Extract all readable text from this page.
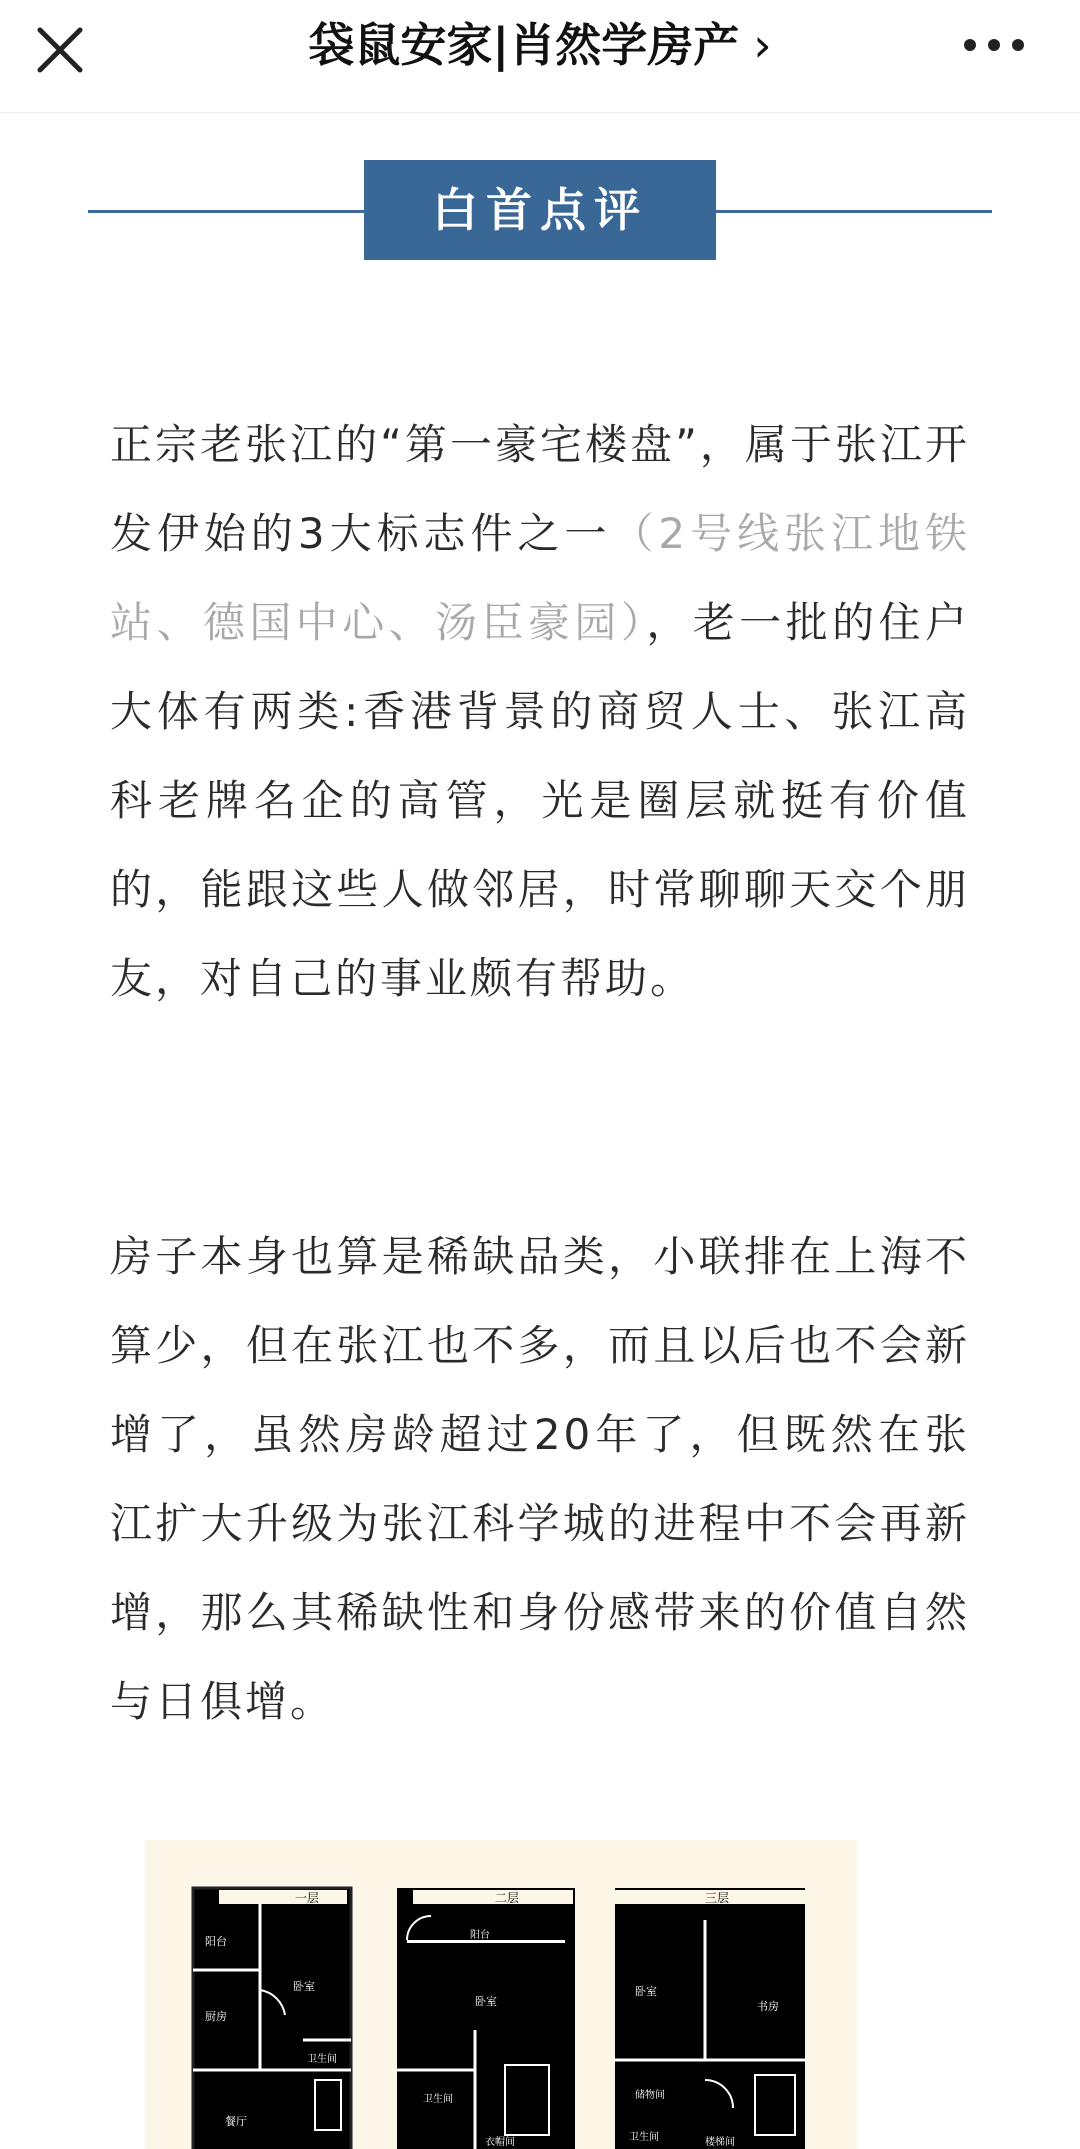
袋鼠安家|肖然学房产 ›
白首点评
正宗老张江的“第一豪宅楼盘”，属于张江开发伊始的3大标志件之一（2号线张江地铁站、德国中心、汤臣豪园），老一批的住户大体有两类:香港背景的商贸人士、张江高科老牌名企的高管，光是圈层就挺有价值的，能跟这些人做邻居，时常聊聊天交个朋友，对自己的事业颇有帮助。
房子本身也算是稀缺品类，小联排在上海不算少，但在张江也不多，而且以后也不会新增了，虽然房龄超过20年了，但既然在张江扩大升级为张江科学城的进程中不会再新增，那么其稀缺性和身份感带来的价值自然与日俱增。
一层
阳台
厨房
卧室
卫生间
餐厅
二层
阳台
卧室
卫生间
衣帽间
三层
卧室
书房
储物间
卫生间	楼梯间
